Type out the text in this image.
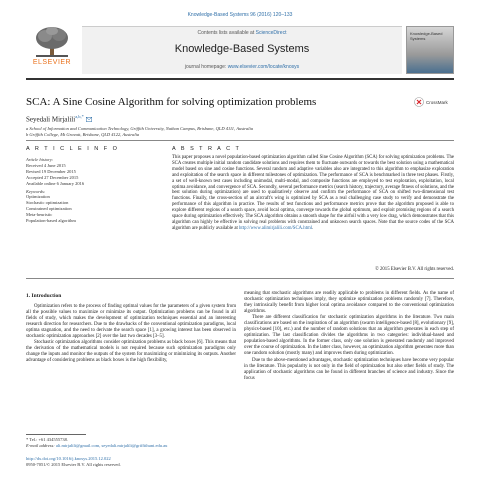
Knowledge-Based Systems 96 (2016) 120–133
ELSEVIER
Contents lists available at ScienceDirect
Knowledge-Based Systems
journal homepage: www.elsevier.com/locate/knosys
Knowledge-Based Systems
SCA: A Sine Cosine Algorithm for solving optimization problems	CrossMark
Seyedali Mirjalili$^{a,b,*}$
a School of Information and Communication Technology, Griffith University, Nathan Campus, Brisbane, QLD 4111, Australia
b Griffith College, Mt Gravatt, Brisbane, QLD 4122, Australia
A R T I C L E I N F O
Article history:
Received 4 June 2015
Revised 19 December 2015
Accepted 27 December 2015
Available online 6 January 2016
Keywords:
Optimization
Stochastic optimization
Constrained optimization
Meta-heuristic
Population-based algorithm
A B S T R A C T
This paper proposes a novel population-based optimization algorithm called Sine Cosine Algorithm (SCA) for solving optimization problems. The SCA creates multiple initial random candidate solutions and requires them to fluctuate outwards or towards the best solution using a mathematical model based on sine and cosine functions. Several random and adaptive variables also are integrated to this algorithm to emphasize exploration and exploitation of the search space in different milestones of optimization. The performance of SCA is benchmarked in three test phases. Firstly, a set of well-known test cases including unimodal, multi-modal, and composite functions are employed to test exploration, exploitation, local optima avoidance, and convergence of SCA. Secondly, several performance metrics (search history, trajectory, average fitness of solutions, and the best solution during optimization) are used to qualitatively observe and confirm the performance of SCA on shifted two-dimensional test functions. Finally, the cross-section of an aircraft's wing is optimized by SCA as a real challenging case study to verify and demonstrate the performance of this algorithm in practice. The results of test functions and performance metrics prove that the algorithm proposed is able to explore different regions of a search space, avoid local optima, converge towards the global optimum, and exploit promising regions of a search space during optimization effectively. The SCA algorithm obtains a smooth shape for the airfoil with a very low drag, which demonstrates that this algorithm can highly be effective in solving real problems with constrained and unknown search spaces. Note that the source codes of the SCA algorithm are publicly available at http://www.alimirjalili.com/SCA.html.
© 2015 Elsevier B.V. All rights reserved.
1. Introduction

Optimization refers to the process of finding optimal values for the parameters of a given system from all the possible values to maximize or minimize its output. Optimization problems can be found in all fields of study, which makes the development of optimization techniques essential and an interesting research direction for researchers. Due to the drawbacks of the conventional optimization paradigms, local optima stagnation, and the need to derivate the search space [1], a growing interest has been observed in stochastic optimization approaches [2] over the last two decades [3–5].

Stochastic optimization algorithms consider optimization problems as black boxes [6]. This means that the derivation of the mathematical models is not required because such optimization paradigms only change the inputs and monitor the outputs of the system for maximizing or minimizing its outputs. Another advantage of considering problems as black boxes is the high flexibility,

meaning that stochastic algorithms are readily applicable to problems in different fields. As the name of stochastic optimization techniques imply, they optimize optimization problems randomly [7]. Therefore, they intrinsically benefit from higher local optima avoidance compared to the conventional optimization algorithms.

There are different classification for stochastic optimization algorithms in the literature. Two main classifications are based on the inspiration of an algorithm (swarm intelligence-based [8], evolutionary [9], physics-based [10], etc.) and the number of random solutions that an algorithm generates in each step of optimization. The last classification divides the algorithms in two categories: individual-based and population-based algorithms. In the former class, only one solution is generated randomly and improved over the course of optimization. In the latter class, however, an optimization algorithm generates more than one random solution (mostly many) and improves them during optimization.

Due to the above-mentioned advantages, stochastic optimization techniques have become very popular in the literature. This popularity is not only in the field of optimization but also other fields of study. The application of stochastic algorithms can be found in different branches of science and industry. Since the focus

* Tel.: +61 434555738.
E-mail address: ali.mirjalili@gmail.com, seyedali.mirjalili@griffithuni.edu.au
http://dx.doi.org/10.1016/j.knosys.2015.12.022
0950-7051/© 2015 Elsevier B.V. All rights reserved.
